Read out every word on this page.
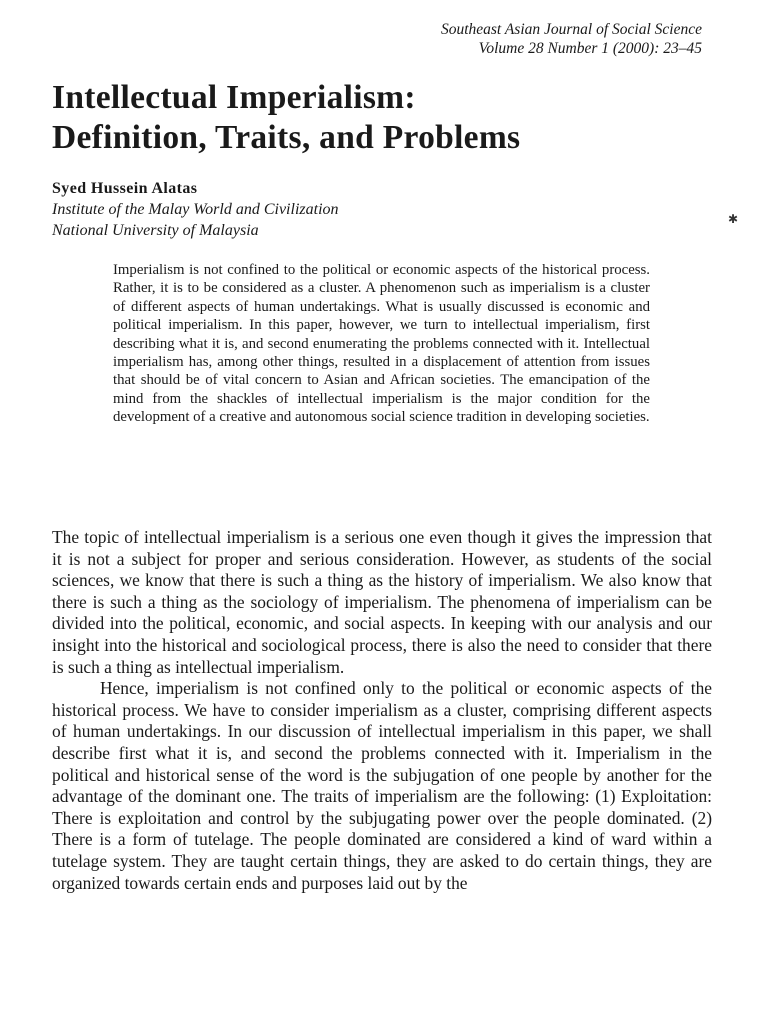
Southeast Asian Journal of Social Science
Volume 28 Number 1 (2000): 23–45
Intellectual Imperialism:
Definition, Traits, and Problems
Syed Hussein Alatas
Institute of the Malay World and Civilization
National University of Malaysia
✱

Imperialism is not confined to the political or economic aspects of the historical process. Rather, it is to be considered as a cluster. A phenomenon such as imperialism is a cluster of different aspects of human undertakings. What is usually discussed is economic and political imperialism. In this paper, however, we turn to intellectual imperialism, first describing what it is, and second enumerating the problems connected with it. Intellectual imperialism has, among other things, resulted in a displacement of attention from issues that should be of vital concern to Asian and African societies. The emancipation of the mind from the shackles of intellectual imperialism is the major condition for the development of a creative and autonomous social science tradition in developing societies.

The topic of intellectual imperialism is a serious one even though it gives the impression that it is not a subject for proper and serious consideration. However, as students of the social sciences, we know that there is such a thing as the history of imperialism. We also know that there is such a thing as the sociology of imperialism. The phenomena of imperialism can be divided into the political, economic, and social aspects. In keeping with our analysis and our insight into the historical and sociological process, there is also the need to consider that there is such a thing as intellectual imperialism.

Hence, imperialism is not confined only to the political or economic aspects of the historical process. We have to consider imperialism as a cluster, comprising different aspects of human undertakings. In our discussion of intellectual imperialism in this paper, we shall describe first what it is, and second the problems connected with it. Imperialism in the political and historical sense of the word is the subjugation of one people by another for the advantage of the dominant one. The traits of imperialism are the following: (1) Exploitation: There is exploitation and control by the subjugating power over the people dominated. (2) There is a form of tutelage. The people dominated are considered a kind of ward within a tutelage system. They are taught certain things, they are asked to do certain things, they are organized towards certain ends and purposes laid out by the
